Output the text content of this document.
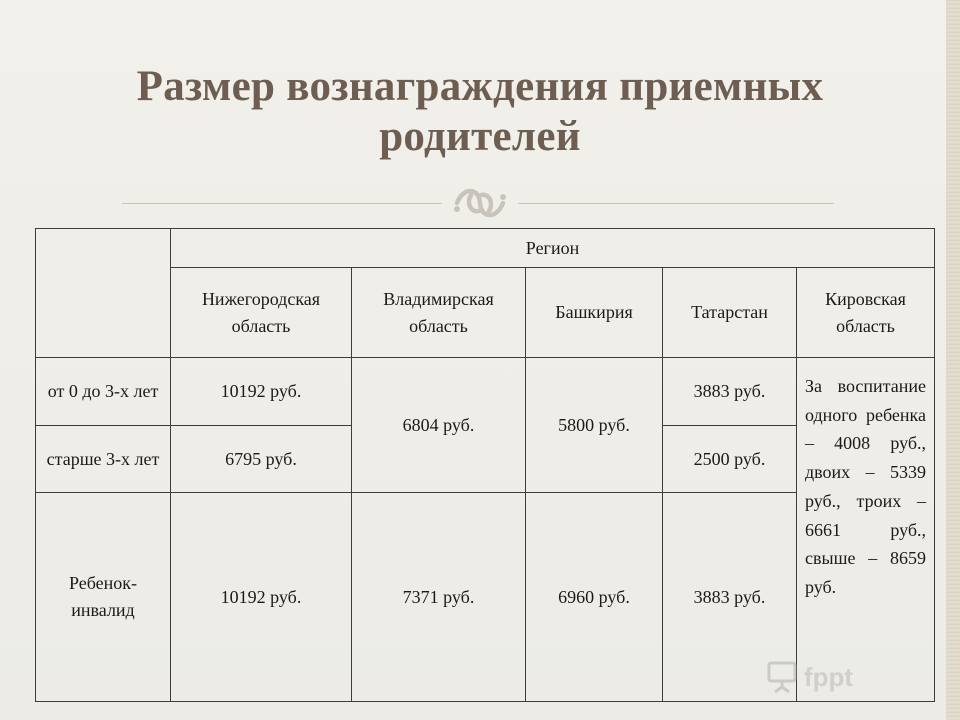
Размер вознаграждения приемных родителей
	Регион				
	Нижегородская область	Владимирская область	Башкирия	Татарстан	Кировская область
от 0 до 3-х лет	10192 руб.	6804 руб.	5800 руб.	3883 руб.	За воспитание одного ребенка – 4008 руб., двоих – 5339 руб., троих – 6661 руб., свыше – 8659 руб.
старше 3-х лет	6795 руб.			2500 руб.	
Ребенок-инвалид	10192 руб.	7371 руб.	6960 руб.	3883 руб.	
fppt
